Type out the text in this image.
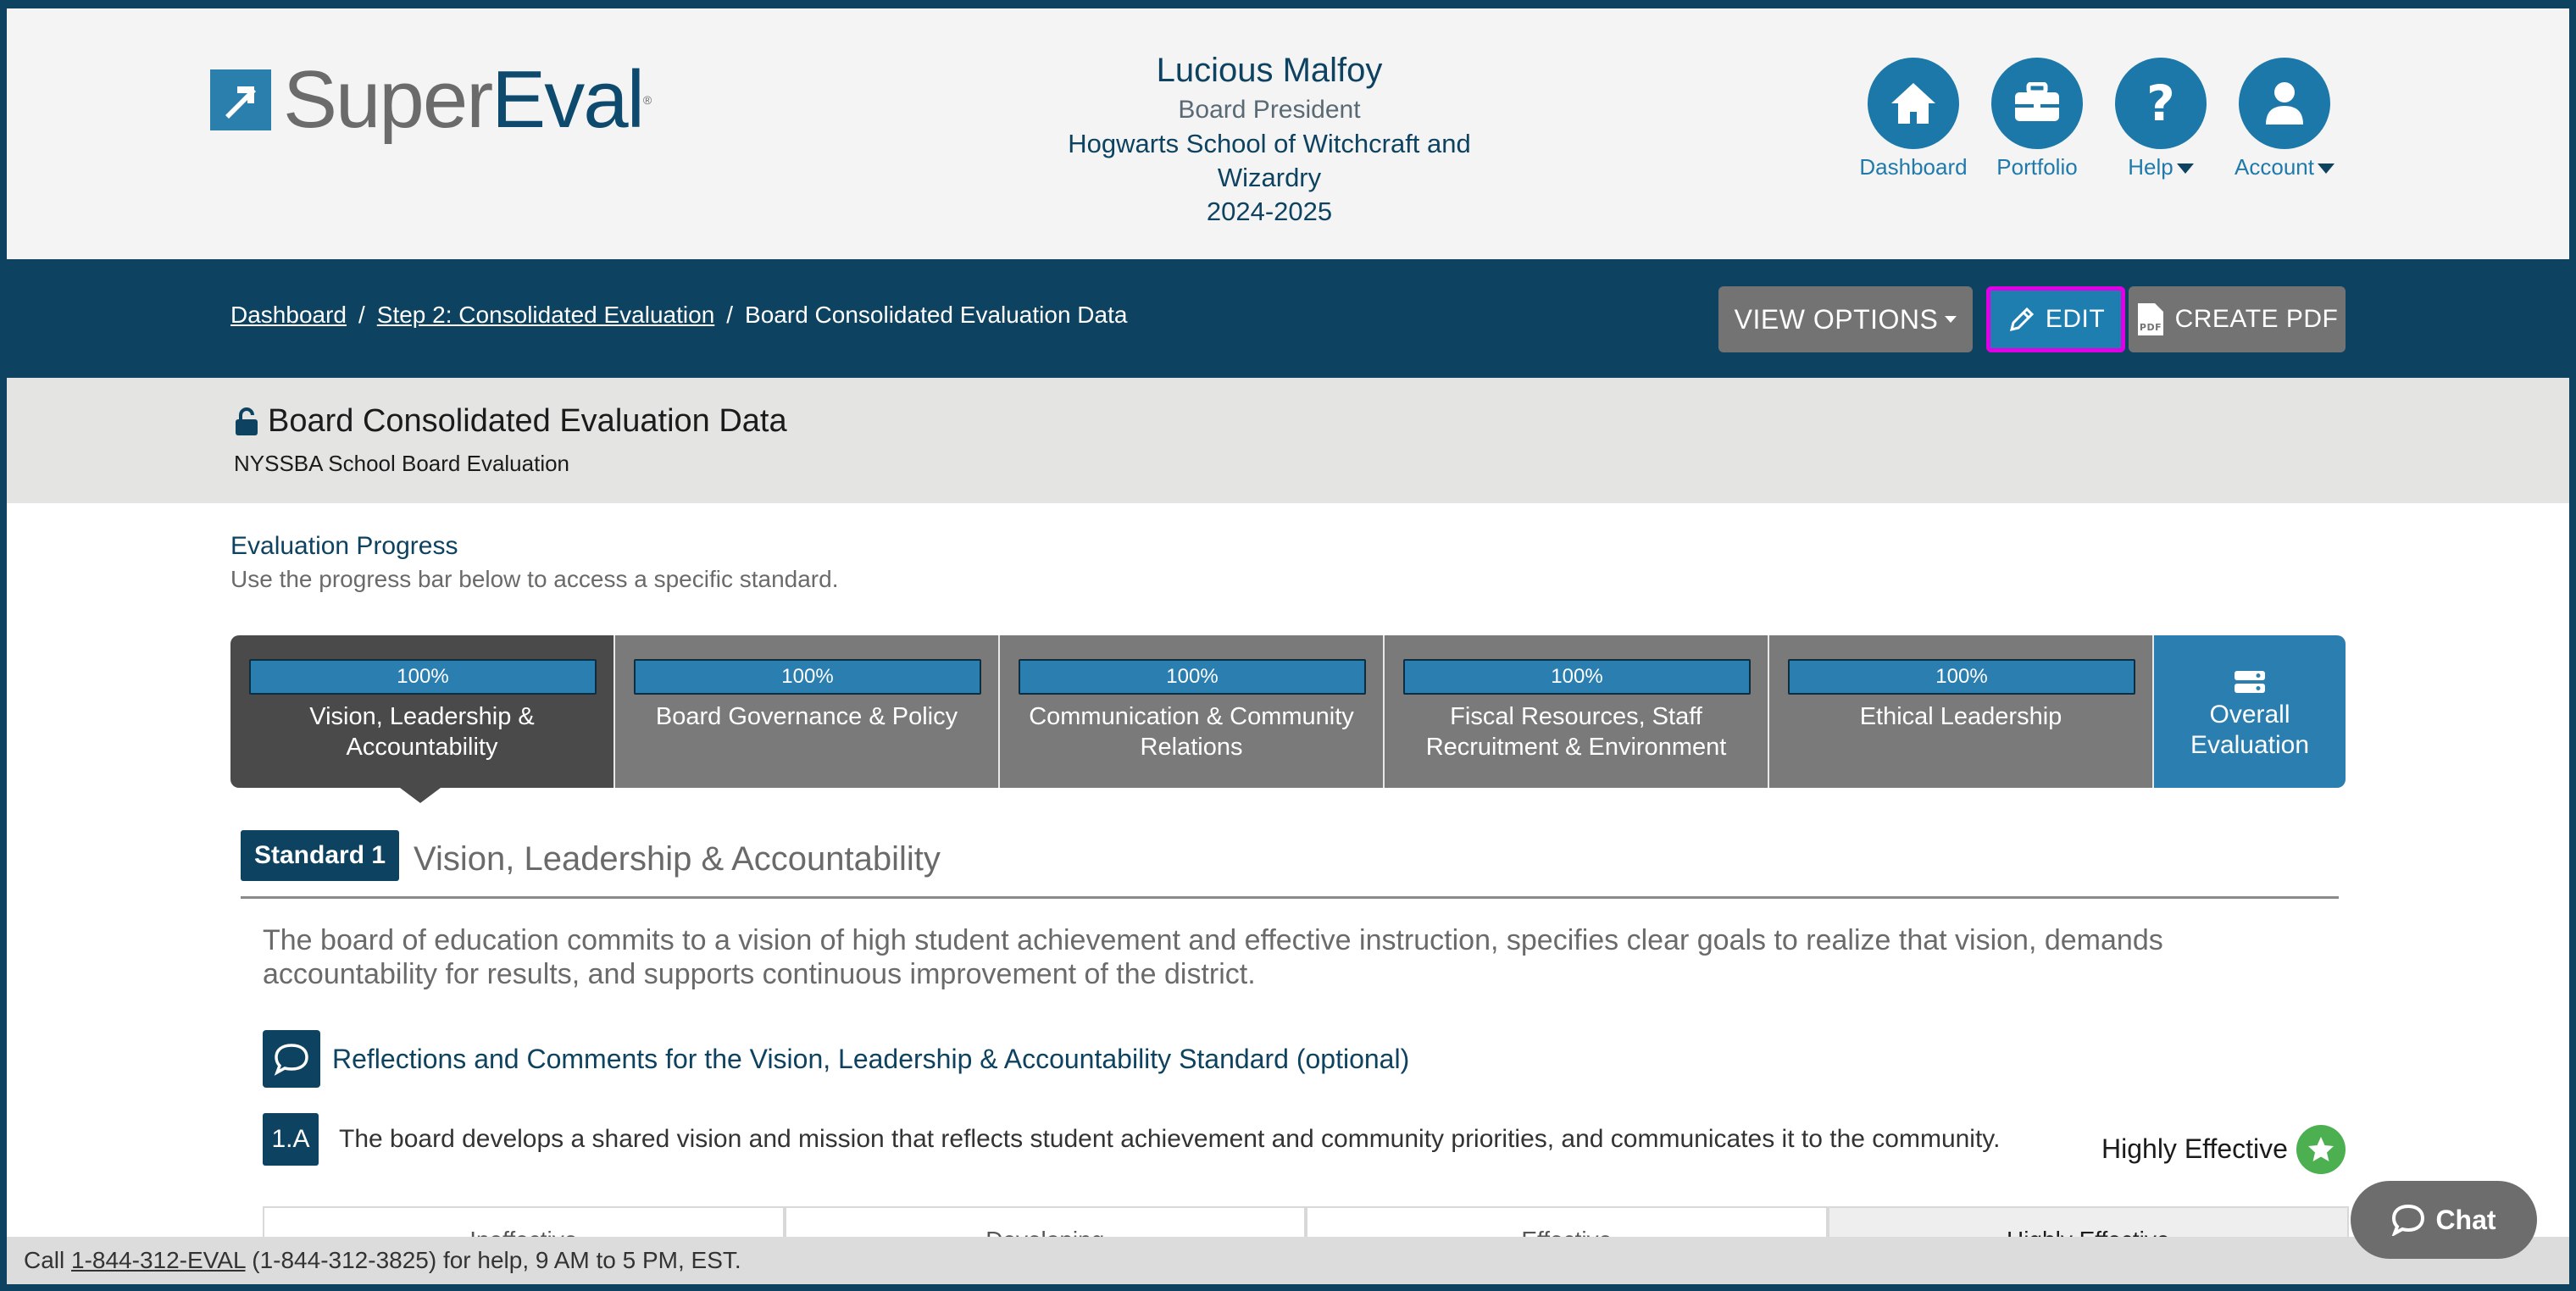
SuperEval®
Lucious Malfoy
Board President
Hogwarts School of Witchcraft and Wizardry
2024-2025
Dashboard	Portfolio
?
Help	Account
Dashboard / Step 2: Consolidated Evaluation / Board Consolidated Evaluation Data	VIEW OPTIONS	EDIT	PDF CREATE PDF
Board Consolidated Evaluation Data
NYSSBA School Board Evaluation
Evaluation Progress
Use the progress bar below to access a specific standard.
100%
Vision, Leadership & Accountability
100%
Board Governance & Policy
100%
Communication & Community Relations
100%
Fiscal Resources, Staff Recruitment & Environment
100%
Ethical Leadership	Overall Evaluation
Standard 1 Vision, Leadership & Accountability
The board of education commits to a vision of high student achievement and effective instruction, specifies clear goals to realize that vision, demands accountability for results, and supports continuous improvement of the district.
Reflections and Comments for the Vision, Leadership & Accountability Standard (optional)
1.A	The board develops a shared vision and mission that reflects student achievement and community priorities, and communicates it to the community.	Highly Effective
Call 1-844-312-EVAL (1-844-312-3825) for help, 9 AM to 5 PM, EST.
Chat
